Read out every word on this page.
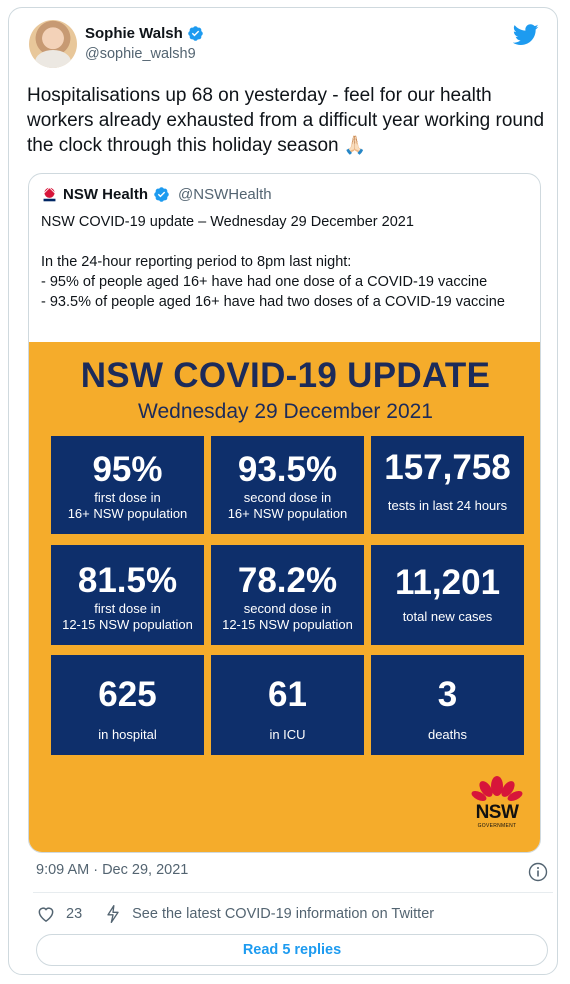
Sophie Walsh
@sophie_walsh9
Hospitalisations up 68 on yesterday - feel for our health workers already exhausted from a difficult year working round the clock through this holiday season 🙏🏻
NSW Health @NSWHealth
NSW COVID-19 update – Wednesday 29 December 2021
In the 24-hour reporting period to 8pm last night:
- 95% of people aged 16+ have had one dose of a COVID-19 vaccine
- 93.5% of people aged 16+ have had two doses of a COVID-19 vaccine
NSW COVID-19 UPDATE
Wednesday 29 December 2021
95%
first dose in
16+ NSW population
93.5%
second dose in
16+ NSW population
157,758
tests in last 24 hours
81.5%
first dose in
12-15 NSW population
78.2%
second dose in
12-15 NSW population
11,201
total new cases
625
in hospital
61
in ICU
3
deaths
NSW
GOVERNMENT
9:09 AM · Dec 29, 2021
23	See the latest COVID-19 information on Twitter
Read 5 replies
